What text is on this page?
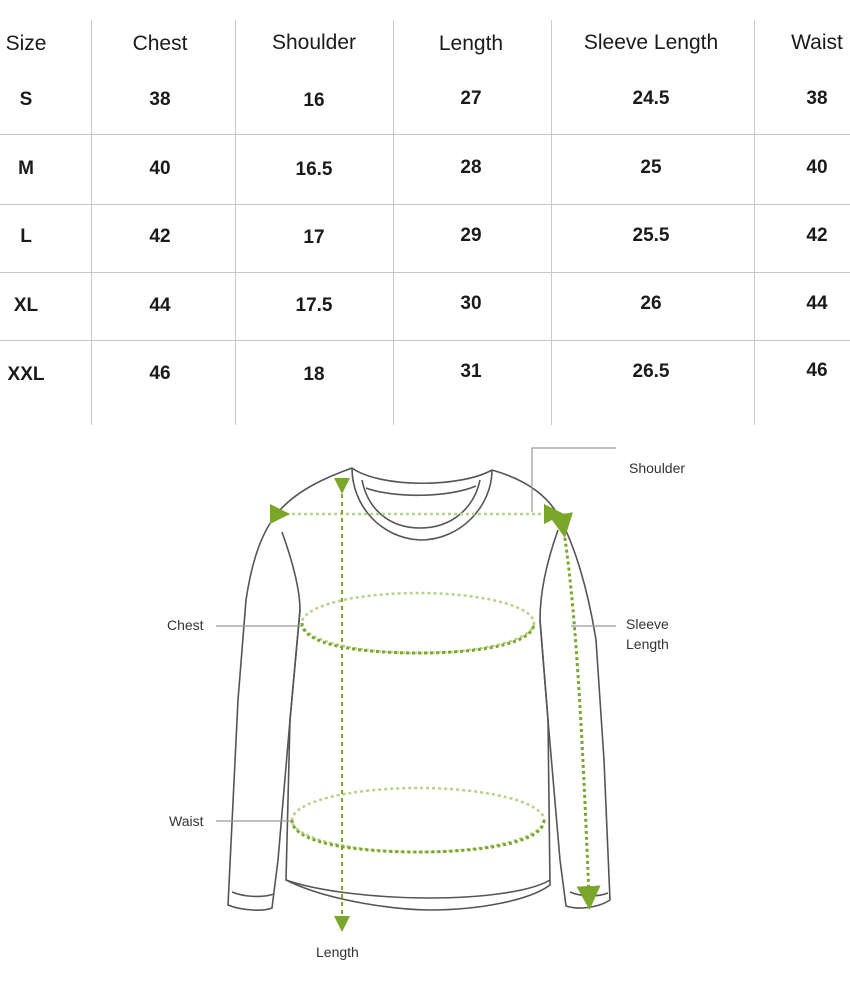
Size	Chest	Shoulder	Length	Sleeve Length	Waist
S	38	16	27	24.5	38
M	40	16.5	28	25	40
L	42	17	29	25.5	42
XL	44	17.5	30	26	44
XXL	46	18	31	26.5	46
Shoulder
Chest	Sleeve
Length
Waist
Length
